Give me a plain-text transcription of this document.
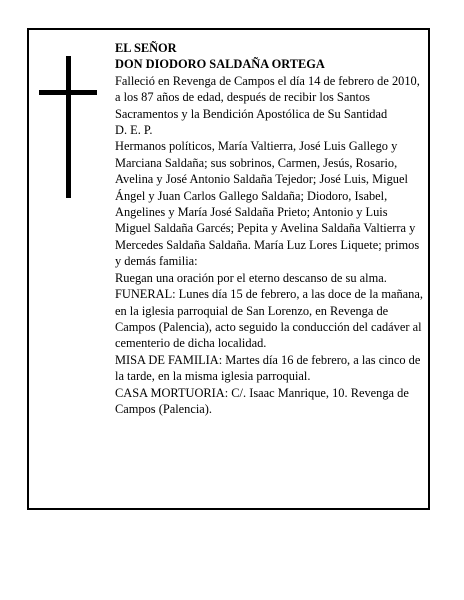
EL SEÑOR

DON DIODORO SALDAÑA ORTEGA

Falleció en Revenga de Campos el día 14 de febrero de 2010, a los 87 años de edad, después de recibir los Santos Sacramentos y la Bendición Apostólica de Su Santidad

D. E. P.

Hermanos políticos, María Valtierra, José Luis Gallego y Marciana Saldaña; sus sobrinos, Carmen, Jesús, Rosario, Avelina y José Antonio Saldaña Tejedor; José Luis, Miguel Ángel y Juan Carlos Gallego Saldaña; Diodoro, Isabel, Angelines y María José Saldaña Prieto; Antonio y Luis Miguel Saldaña Garcés; Pepita y Avelina Saldaña Valtierra y Mercedes Saldaña Saldaña. María Luz Lores Liquete; primos y demás familia:

Ruegan una oración por el eterno descanso de su alma.

FUNERAL: Lunes día 15 de febrero, a las doce de la mañana, en la iglesia parroquial de San Lorenzo, en Revenga de Campos (Palencia), acto seguido la conducción del cadáver al cementerio de dicha localidad.

MISA DE FAMILIA: Martes día 16 de febrero, a las cinco de la tarde, en la misma iglesia parroquial.

CASA MORTUORIA: C/. Isaac Manrique, 10. Revenga de Campos (Palencia).
